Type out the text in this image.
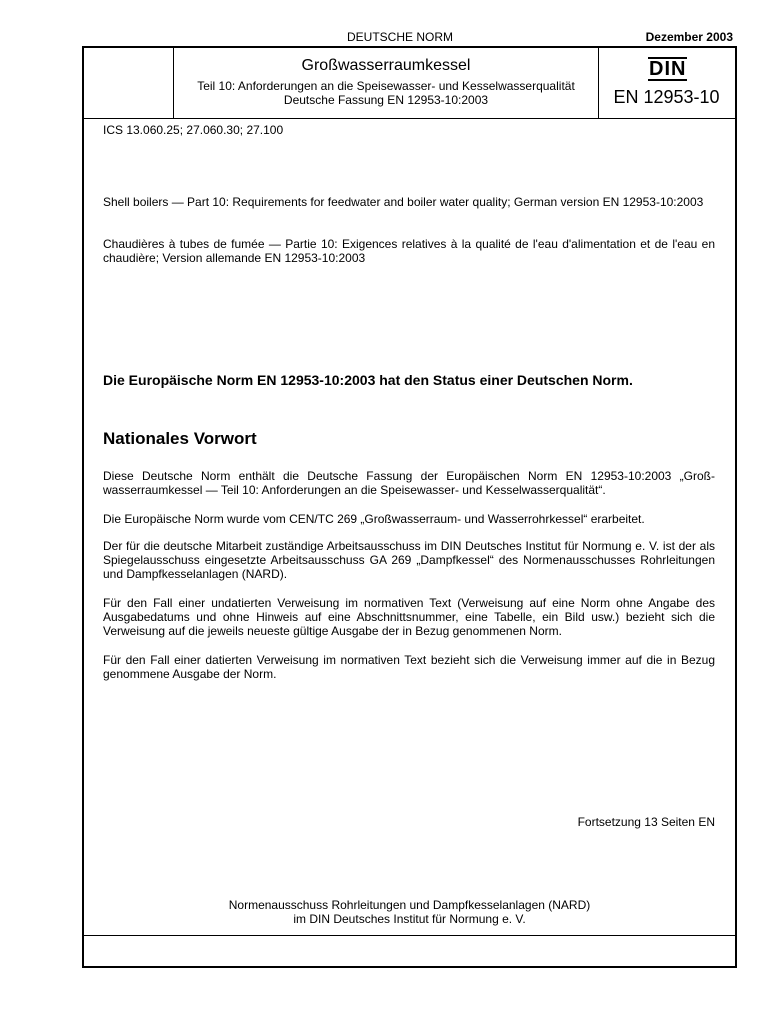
DEUTSCHE NORM	Dezember 2003
Großwasserraumkessel
Teil 10: Anforderungen an die Speisewasser- und Kesselwasserqualität
Deutsche Fassung EN 12953-10:2003
DIN
EN 12953-10
ICS 13.060.25; 27.060.30; 27.100
Shell boilers — Part 10: Requirements for feedwater and boiler water quality; German version EN 12953-10:2003
Chaudières à tubes de fumée — Partie 10: Exigences relatives à la qualité de l'eau d'alimentation et de l'eau en chaudière; Version allemande EN 12953-10:2003
Die Europäische Norm EN 12953-10:2003 hat den Status einer Deutschen Norm.
Nationales Vorwort
Diese Deutsche Norm enthält die Deutsche Fassung der Europäischen Norm EN 12953-10:2003 „Großwasserraumkessel — Teil 10: Anforderungen an die Speisewasser- und Kesselwasserqualität“.
Die Europäische Norm wurde vom CEN/TC 269 „Großwasserraum- und Wasserrohrkessel“ erarbeitet.
Der für die deutsche Mitarbeit zuständige Arbeitsausschuss im DIN Deutsches Institut für Normung e. V. ist der als Spiegelausschuss eingesetzte Arbeitsausschuss GA 269 „Dampfkessel“ des Normenausschusses Rohrleitungen und Dampfkesselanlagen (NARD).
Für den Fall einer undatierten Verweisung im normativen Text (Verweisung auf eine Norm ohne Angabe des Ausgabedatums und ohne Hinweis auf eine Abschnittsnummer, eine Tabelle, ein Bild usw.) bezieht sich die Verweisung auf die jeweils neueste gültige Ausgabe der in Bezug genommenen Norm.
Für den Fall einer datierten Verweisung im normativen Text bezieht sich die Verweisung immer auf die in Bezug genommene Ausgabe der Norm.
Fortsetzung 13 Seiten EN
Normenausschuss Rohrleitungen und Dampfkesselanlagen (NARD)
im DIN Deutsches Institut für Normung e. V.
